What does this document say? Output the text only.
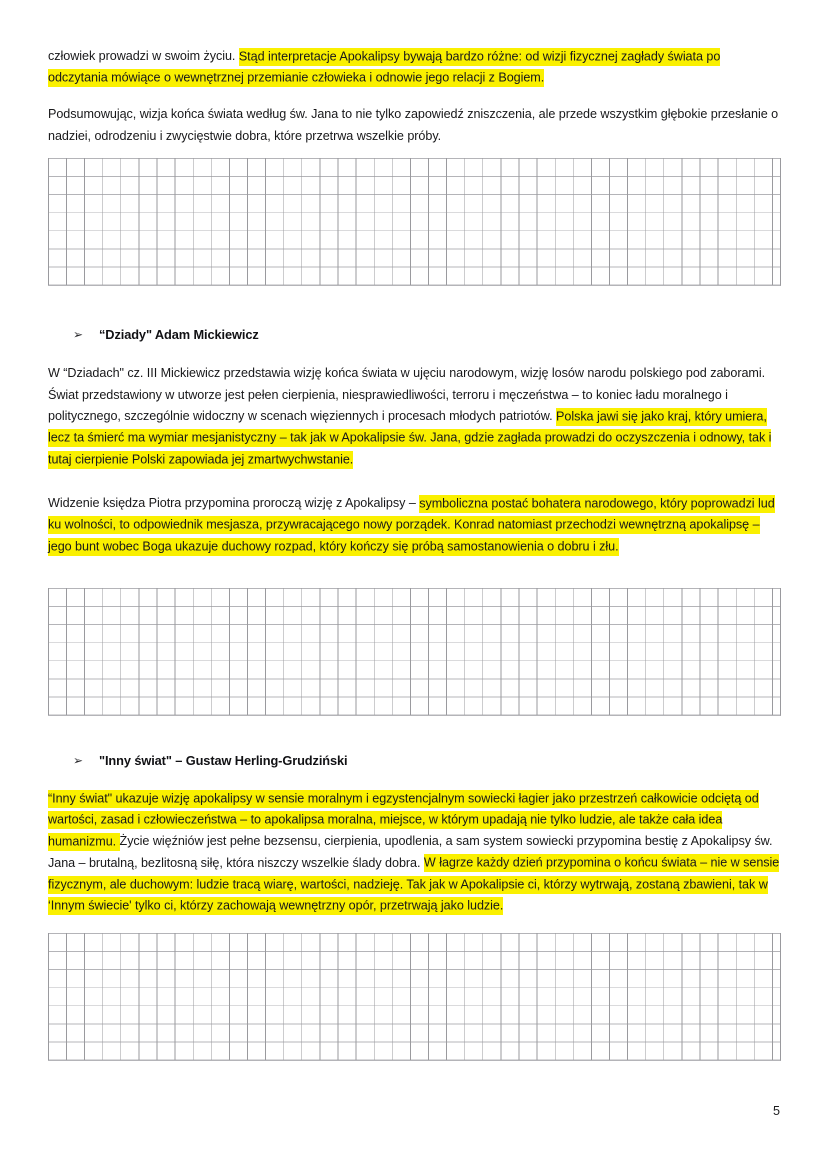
człowiek prowadzi w swoim życiu. Stąd interpretacje Apokalipsy bywają bardzo różne: od wizji fizycznej zagłady świata po odczytania mówiące o wewnętrznej przemianie człowieka i odnowie jego relacji z Bogiem.
Podsumowując, wizja końca świata według św. Jana to nie tylko zapowiedź zniszczenia, ale przede wszystkim głębokie przesłanie o nadziei, odrodzeniu i zwycięstwie dobra, które przetrwa wszelkie próby.
➢ “Dziady" Adam Mickiewicz
W “Dziadach" cz. III Mickiewicz przedstawia wizję końca świata w ujęciu narodowym, wizję losów narodu polskiego pod zaborami. Świat przedstawiony w utworze jest pełen cierpienia, niesprawiedliwości, terroru i męczeństwa – to koniec ładu moralnego i politycznego, szczególnie widoczny w scenach więziennych i procesach młodych patriotów. Polska jawi się jako kraj, który umiera, lecz ta śmierć ma wymiar mesjanistyczny – tak jak w Apokalipsie św. Jana, gdzie zagłada prowadzi do oczyszczenia i odnowy, tak i tutaj cierpienie Polski zapowiada jej zmartwychwstanie.
Widzenie księdza Piotra przypomina proroczą wizję z Apokalipsy – symboliczna postać bohatera narodowego, który poprowadzi lud ku wolności, to odpowiednik mesjasza, przywracającego nowy porządek. Konrad natomiast przechodzi wewnętrzną apokalipsę – jego bunt wobec Boga ukazuje duchowy rozpad, który kończy się próbą samostanowienia o dobru i złu.
➢ "Inny świat" – Gustaw Herling-Grudziński
“Inny świat" ukazuje wizję apokalipsy w sensie moralnym i egzystencjalnym sowiecki łagier jako przestrzeń całkowicie odciętą od wartości, zasad i człowieczeństwa – to apokalipsa moralna, miejsce, w którym upadają nie tylko ludzie, ale także cała idea humanizmu. Życie więźniów jest pełne bezsensu, cierpienia, upodlenia, a sam system sowiecki przypomina bestię z Apokalipsy św. Jana – brutalną, bezlitosną siłę, która niszczy wszelkie ślady dobra. W łagrze każdy dzień przypomina o końcu świata – nie w sensie fizycznym, ale duchowym: ludzie tracą wiarę, wartości, nadzieję. Tak jak w Apokalipsie ci, którzy wytrwają, zostaną zbawieni, tak w ‘Innym świecie' tylko ci, którzy zachowają wewnętrzny opór, przetrwają jako ludzie.
5
